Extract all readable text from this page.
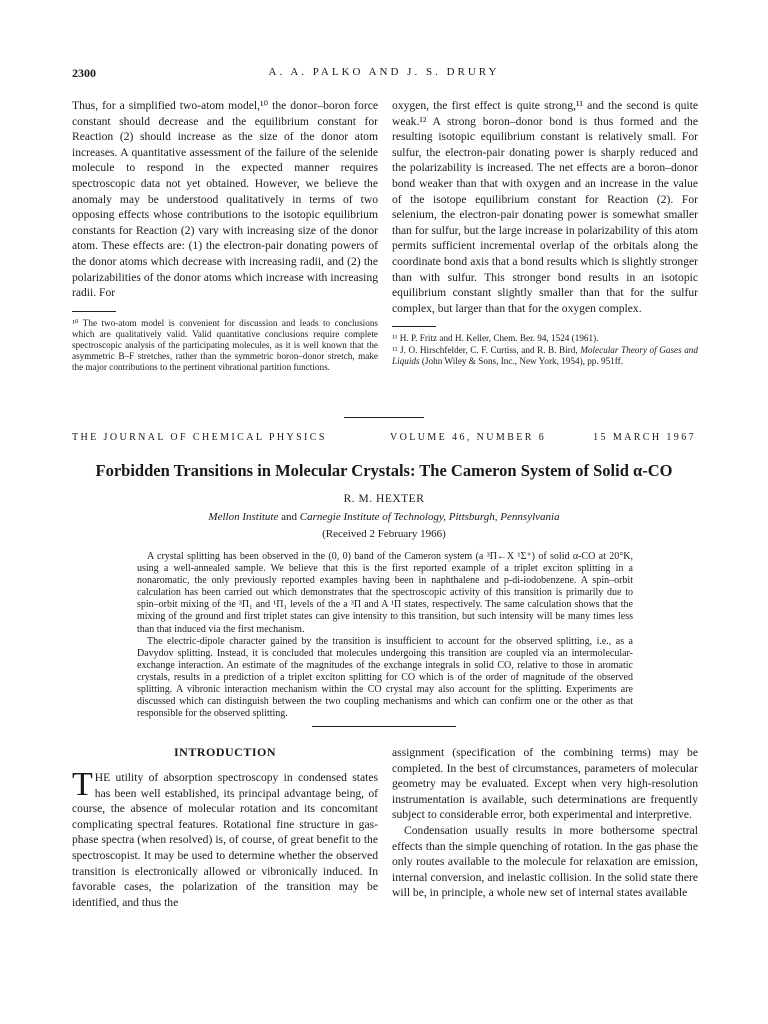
2300	A. A. PALKO AND J. S. DRURY

Thus, for a simplified two-atom model,¹⁰ the donor–boron force constant should decrease and the equilibrium constant for Reaction (2) should increase as the size of the donor atom increases. A quantitative assessment of the failure of the selenide molecule to respond in the expected manner requires spectroscopic data not yet obtained. However, we believe the anomaly may be understood qualitatively in terms of two opposing effects whose contributions to the isotopic equilibrium constants for Reaction (2) vary with increasing size of the donor atom. These effects are: (1) the electron-pair donating powers of the donor atoms which decrease with increasing radii, and (2) the polarizabilities of the donor atoms which increase with increasing radii. For

¹⁰ The two-atom model is convenient for discussion and leads to conclusions which are qualitatively valid. Valid quantitative conclusions require complete spectroscopic analysis of the participating molecules, as it is well known that the asymmetric B–F stretches, rather than the symmetric boron–donor stretch, make the major contributions to the pertinent vibrational partition functions.

oxygen, the first effect is quite strong,¹¹ and the second is quite weak.¹² A strong boron–donor bond is thus formed and the resulting isotopic equilibrium constant is relatively small. For sulfur, the electron-pair donating power is sharply reduced and the polarizability is increased. The net effects are a boron–donor bond weaker than that with oxygen and an increase in the value of the isotope equilibrium constant for Reaction (2). For selenium, the electron-pair donating power is somewhat smaller than for sulfur, but the large increase in polarizability of this atom permits sufficient incremental overlap of the orbitals along the coordinate bond axis that a bond results which is slightly stronger than with sulfur. This stronger bond results in an isotopic equilibrium constant slightly smaller than that for the sulfur complex, but larger than that for the oxygen complex.

¹¹ H. P. Fritz and H. Keller, Chem. Ber. 94, 1524 (1961).

¹² J. O. Hirschfelder, C. F. Curtiss, and R. B. Bird, Molecular Theory of Gases and Liquids (John Wiley & Sons, Inc., New York, 1954), pp. 951ff.

THE JOURNAL OF CHEMICAL PHYSICS	VOLUME 46, NUMBER 6	15 MARCH 1967
Forbidden Transitions in Molecular Crystals: The Cameron System of Solid α-CO
R. M. HEXTER
Mellon Institute and Carnegie Institute of Technology, Pittsburgh, Pennsylvania
(Received 2 February 1966)

A crystal splitting has been observed in the (0, 0) band of the Cameron system (a ³Π←X ¹Σ⁺) of solid α-CO at 20°K, using a well-annealed sample. We believe that this is the first reported example of a triplet exciton splitting in a nonaromatic, the only previously reported examples having been in naphthalene and p-di-iodobenzene. A spin–orbit calculation has been carried out which demonstrates that the spectroscopic activity of this transition is primarily due to spin–orbit mixing of the ³Π₁ and ¹Π₁ levels of the a ³Π and A ¹Π states, respectively. The same calculation shows that the mixing of the ground and first triplet states can give intensity to this transition, but such intensity will be many times less than that induced via the first mechanism.

The electric-dipole character gained by the transition is insufficient to account for the observed splitting, i.e., as a Davydov splitting. Instead, it is concluded that molecules undergoing this transition are coupled via an intermolecular-exchange interaction. An estimate of the magnitudes of the exchange integrals in solid CO, relative to those in aromatic crystals, results in a prediction of a triplet exciton splitting for CO which is of the order of magnitude of the observed splitting. A vibronic interaction mechanism within the CO crystal may also account for the splitting. Experiments are discussed which can distinguish between the two coupling mechanisms and which can confirm one or the other as that responsible for the observed splitting.

INTRODUCTION

THE utility of absorption spectroscopy in condensed states has been well established, its principal advantage being, of course, the absence of molecular rotation and its concomitant complicating spectral features. Rotational fine structure in gas-phase spectra (when resolved) is, of course, of great benefit to the spectroscopist. It may be used to determine whether the observed transition is electronically allowed or vibronically induced. In favorable cases, the polarization of the transition may be identified, and thus the

assignment (specification of the combining terms) may be completed. In the best of circumstances, parameters of molecular geometry may be evaluated. Except when very high-resolution instrumentation is available, such determinations are frequently subject to considerable error, both experimental and interpretive.

Condensation usually results in more bothersome spectral effects than the simple quenching of rotation. In the gas phase the only routes available to the molecule for relaxation are emission, internal conversion, and inelastic collision. In the solid state there will be, in principle, a whole new set of internal states available
